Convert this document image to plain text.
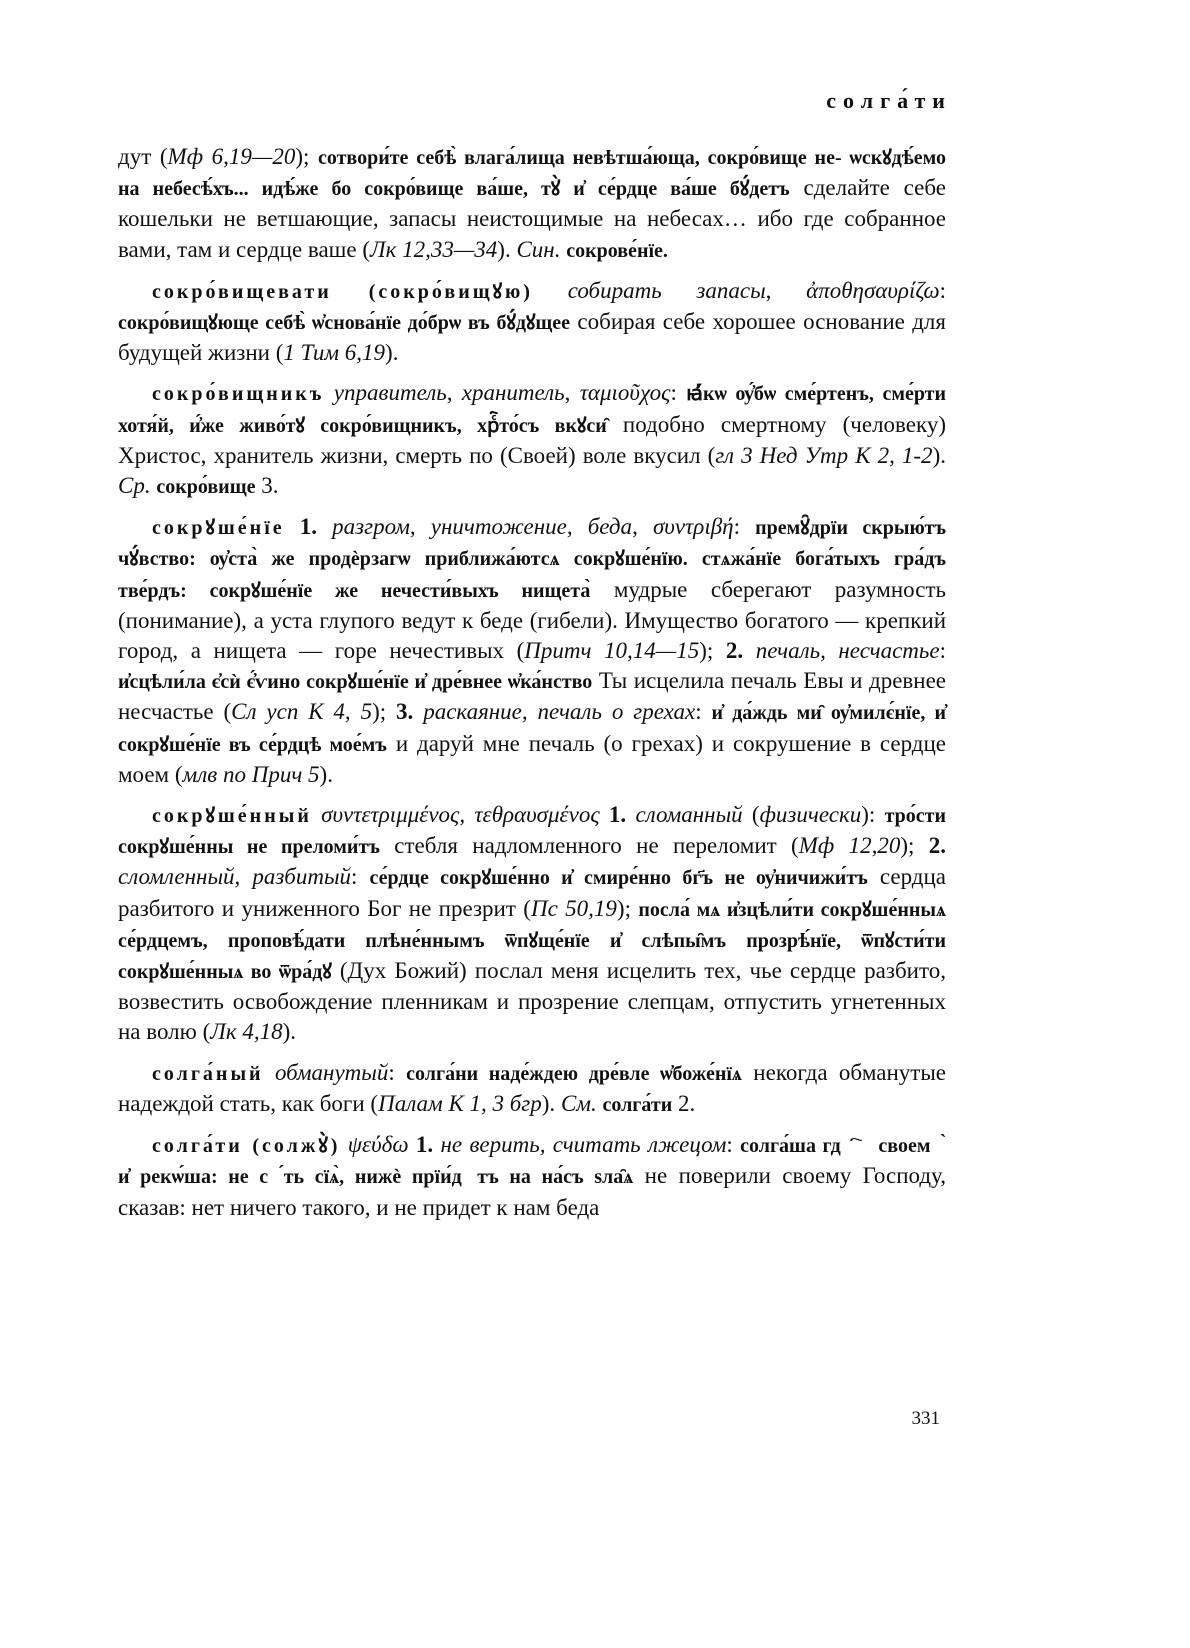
солга́ти

дут (Мф 6,19—20); сотвори́те себѣ̀ влага́лища невѣтша́юща, сокро́вище не- ѡскꙋдѣ́емо на небесѣ́хъ... идѣ́же бо сокро́вище ва́ше, тꙋ̀ и҆ се́рдце ва́ше бꙋ́детъ сделайте себе кошельки не ветшающие, запасы неистощимые на небесах… ибо где собранное вами, там и сердце ваше (Лк 12,33—34). Син. сокрове́нїе.

сокро́вищевати (сокро́вищꙋю) собирать запасы, ἀποθησαυρίζω: сокро́вищꙋюще себѣ̀ ѡ҆снова́нїе до́брѡ въ бꙋ́дꙋщее собирая себе хорошее основание для будущей жизни (1 Тим 6,19).

сокро́вищникъ управитель, хранитель, ταμιοῦχος: ꙗ҆́кѡ ѹ҆́бѡ сме́ртенъ, сме́рти хотя́й, и҆́же живо́тꙋ сокро́вищникъ, хрⷭ҇то́съ вкꙋси̑ подобно смертному (человеку) Христос, хранитель жизни, смерть по (Своей) воле вкусил (гл 3 Нед Утр К 2, 1-2). Ср. сокро́вище 3.

сокрꙋше́нїе 1. разгром, уничтожение, беда, συντριβή: премꙋ̑дрїи скрыю́тъ чꙋ́вство: ѹ҆ста̀ же продѐрзагѡ приближа́ютсѧ сокрꙋше́нїю. стѧжа́нїе бога́тыхъ гра́дъ тве́рдъ: сокрꙋше́нїе же нечести́выхъ нищета̀ мудрые сберегают разумность (понимание), а уста глупого ведут к беде (гибели). Имущество богатого — крепкий город, а нищета — горе нечестивых (Притч 10,14—15); 2. печаль, несчастье: и҆сцѣли́ла є҆сѝ є҆́ѵино сокрꙋше́нїе и҆ дре́внее ѡ҆ка́нство Ты исцелила печаль Евы и древнее несчастье (Сл усп К 4, 5); 3. раскаяние, печаль о грехах: и҆ да́ждь ми̑ ѹ҆милє́нїе, и҆ сокрꙋше́нїе въ се́рдцѣ мое́мъ и даруй мне печаль (о грехах) и сокрушение в сердце моем (млв по Прич 5).

сокрꙋше́нный συντετριμμένος, τεθραυσμένος 1. сломанный (физически): тро́сти сокрꙋше́нны не преломи́тъ стебля надломленного не переломит (Мф 12,20); 2. сломленный, разбитый: се́рдце сокрꙋше́нно и҆ смире́нно бг҃ъ не ѹ҆ничижи́тъ сердца разбитого и униженного Бог не презрит (Пс 50,19); посла́ мѧ и҆зцѣли́ти сокрꙋше́нныѧ се́рдцемъ, проповѣ́дати плѣне́ннымъ ѿпꙋще́нїе и҆ слѣпы̑мъ прозрѣ́нїе, ѿпꙋсти́ти сокрꙋше́нныѧ во ѿра́дꙋ (Дух Божий) послал меня исцелить тех, чье сердце разбито, возвестить освобождение пленникам и прозрение слепцам, отпустить угнетенных на волю (Лк 4,18).

солга́ный обманутый: солга́ни наде́ждею дре́вле ѡ҆боже́нїѧ некогда обманутые надеждой стать, как боги (Палам К 1, 3 бгр). См. солга́ти 2.

солга́ти (солжꙋ̀) ψεύδω 1. не верить, считать лжецом: солга́ша гдⷭ҇ꙋ своемꙋ̀ и҆ рекѡ́ша: не сꙋ́ть сїѧ̀, нижѐ прїи́дꙋтъ на на́съ ѕла̑ѧ не поверили своему Господу, сказав: нет ничего такого, и не придет к нам беда

331
